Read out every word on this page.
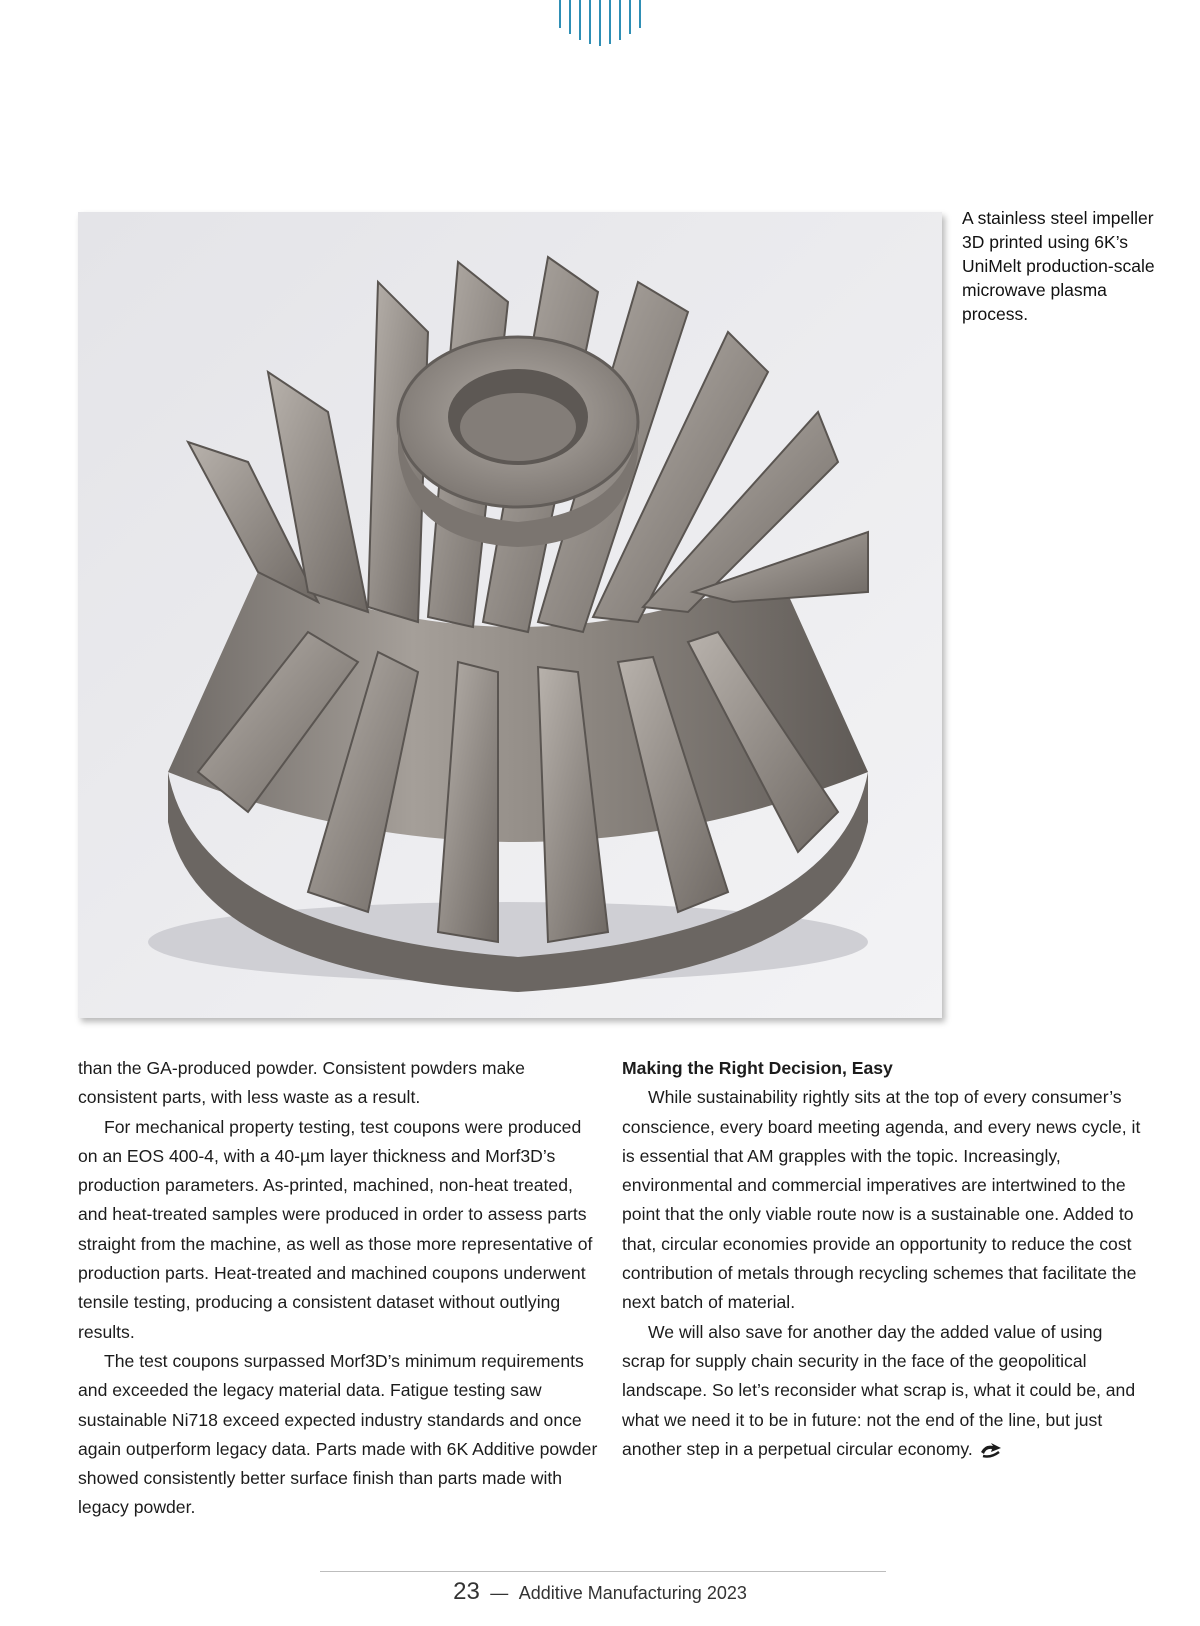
A stainless steel impeller 3D printed using 6K’s UniMelt production-scale microwave plasma process.

than the GA-produced powder. Consistent powders make consistent parts, with less waste as a result.

For mechanical property testing, test coupons were produced on an EOS 400-4, with a 40-µm layer thickness and Morf3D’s production parameters. As-printed, machined, non-heat treated, and heat-treated samples were produced in order to assess parts straight from the machine, as well as those more representative of production parts. Heat-treated and machined coupons underwent tensile testing, producing a consistent dataset without outlying results.

The test coupons surpassed Morf3D’s minimum requirements and exceeded the legacy material data. Fatigue testing saw sustainable Ni718 exceed expected industry standards and once again outperform legacy data. Parts made with 6K Additive powder showed consistently better surface finish than parts made with legacy powder.

Making the Right Decision, Easy

While sustainability rightly sits at the top of every consumer’s conscience, every board meeting agenda, and every news cycle, it is essential that AM grapples with the topic. Increasingly, environmental and commercial imperatives are intertwined to the point that the only viable route now is a sustainable one. Added to that, circular economies provide an opportunity to reduce the cost contribution of metals through recycling schemes that facilitate the next batch of material.

We will also save for another day the added value of using scrap for supply chain security in the face of the geopolitical landscape. So let’s reconsider what scrap is, what it could be, and what we need it to be in future: not the end of the line, but just another step in a perpetual circular economy.

23 — Additive Manufacturing 2023
